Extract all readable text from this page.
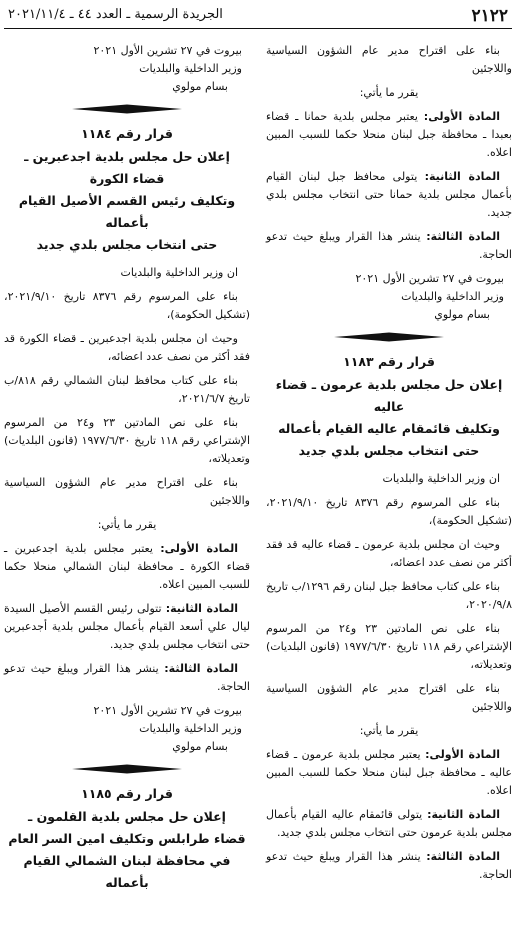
٢١٢٢
الجريدة الرسمية ـ العدد ٤٤ ـ ٢٠٢١/١١/٤

بناء على اقتراح مدير عام الشؤون السياسية واللاجئين

يقرر ما يأتي:

المادة الأولى: يعتبر مجلس بلدية حمانا ـ قضاء بعبدا ـ محافظة جبل لبنان منحلا حكما للسبب المبين اعلاه.

المادة الثانية: يتولى محافظ جبل لبنان القيام بأعمال مجلس بلدية حمانا حتى انتخاب مجلس بلدي جديد.

المادة الثالثة: ينشر هذا القرار ويبلغ حيث تدعو الحاجة.

بيروت في ٢٧ تشرين الأول ٢٠٢١

وزير الداخلية والبلديات

بسام مولوي

قرار رقم ١١٨٣
إعلان حل مجلس بلدية عرمون ـ قضاء عاليه
وتكليف قائمقام عاليه القيام بأعماله
حتى انتخاب مجلس بلدي جديد

ان وزير الداخلية والبلديات

بناء على المرسوم رقم ٨٣٧٦ تاريخ ٢٠٢١/٩/١٠، (تشكيل الحكومة)،

وحيث ان مجلس بلدية عرمون ـ قضاء عاليه قد فقد أكثر من نصف عدد اعضائه،

بناء على كتاب محافظ جبل لبنان رقم ١٢٩٦/ب تاريخ ٢٠٢٠/٩/٨،

بناء على نص المادتين ٢٣ و٢٤ من المرسوم الإشتراعي رقم ١١٨ تاريخ ١٩٧٧/٦/٣٠ (قانون البلديات) وتعديلاته،

بناء على اقتراح مدير عام الشؤون السياسية واللاجئين

يقرر ما يأتي:

المادة الأولى: يعتبر مجلس بلدية عرمون ـ قضاء عاليه ـ محافظة جبل لبنان منحلا حكما للسبب المبين اعلاه.

المادة الثانية: يتولى قائمقام عاليه القيام بأعمال مجلس بلدية عرمون حتى انتخاب مجلس بلدي جديد.

المادة الثالثة: ينشر هذا القرار ويبلغ حيث تدعو الحاجة.

بيروت في ٢٧ تشرين الأول ٢٠٢١

وزير الداخلية والبلديات

بسام مولوي

قرار رقم ١١٨٤
إعلان حل مجلس بلدية اجدعبرين ـ
قضاء الكورة
وتكليف رئيس القسم الأصيل القيام بأعماله
حتى انتخاب مجلس بلدي جديد

ان وزير الداخلية والبلديات

بناء على المرسوم رقم ٨٣٧٦ تاريخ ٢٠٢١/٩/١٠، (تشكيل الحكومة)،

وحيث ان مجلس بلدية اجدعبرين ـ قضاء الكورة قد فقد أكثر من نصف عدد اعضائه،

بناء على كتاب محافظ لبنان الشمالي رقم ٨١٨/ب تاريخ ٢٠٢١/٦/٧،

بناء على نص المادتين ٢٣ و٢٤ من المرسوم الإشتراعي رقم ١١٨ تاريخ ١٩٧٧/٦/٣٠ (قانون البلديات) وتعديلاته،

بناء على اقتراح مدير عام الشؤون السياسية واللاجئين

يقرر ما يأتي:

المادة الأولى: يعتبر مجلس بلدية اجدعبرين ـ قضاء الكورة ـ محافظة لبنان الشمالي منحلا حكما للسبب المبين اعلاه.

المادة الثانية: تتولى رئيس القسم الأصيل السيدة ليال علي أسعد القيام بأعمال مجلس بلدية أجدعبرين حتى انتخاب مجلس بلدي جديد.

المادة الثالثة: ينشر هذا القرار ويبلغ حيث تدعو الحاجة.

بيروت في ٢٧ تشرين الأول ٢٠٢١

وزير الداخلية والبلديات

بسام مولوي

قرار رقم ١١٨٥
إعلان حل مجلس بلدية القلمون ـ
قضاء طرابلس وتكليف امين السر العام
في محافظة لبنان الشمالي القيام بأعماله
